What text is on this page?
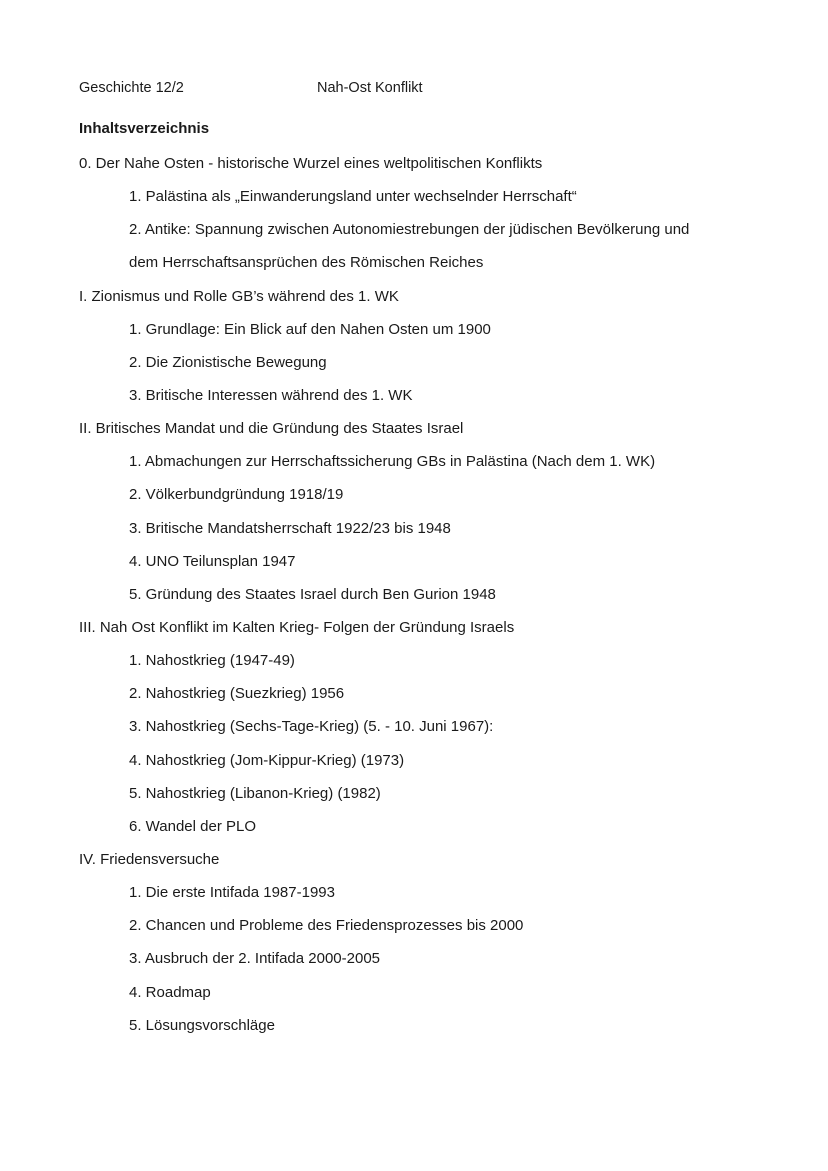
Geschichte 12/2	Nah-Ost Konflikt
Inhaltsverzeichnis
0. Der Nahe Osten - historische Wurzel eines weltpolitischen Konflikts
1. Palästina als „Einwanderungsland unter wechselnder Herrschaft“
2. Antike: Spannung zwischen Autonomiestrebungen der jüdischen Bevölkerung und
dem Herrschaftsansprüchen des Römischen Reiches
I. Zionismus und Rolle GB’s während des 1. WK
1. Grundlage: Ein Blick auf den Nahen Osten um 1900
2. Die Zionistische Bewegung
3. Britische Interessen während des 1. WK
II. Britisches Mandat und die Gründung des Staates Israel
1. Abmachungen zur Herrschaftssicherung GBs in Palästina (Nach dem 1. WK)
2. Völkerbundgründung 1918/19
3. Britische Mandatsherrschaft 1922/23 bis 1948
4. UNO Teilunsplan 1947
5. Gründung des Staates Israel durch Ben Gurion 1948
III. Nah Ost Konflikt im Kalten Krieg- Folgen der Gründung Israels
1. Nahostkrieg (1947-49)
2. Nahostkrieg (Suezkrieg) 1956
3. Nahostkrieg (Sechs-Tage-Krieg) (5. - 10. Juni 1967):
4. Nahostkrieg (Jom-Kippur-Krieg) (1973)
5. Nahostkrieg (Libanon-Krieg) (1982)
6. Wandel der PLO
IV. Friedensversuche
1. Die erste Intifada 1987-1993
2. Chancen und Probleme des Friedensprozesses bis 2000
3. Ausbruch der 2. Intifada 2000-2005
4. Roadmap
5. Lösungsvorschläge
